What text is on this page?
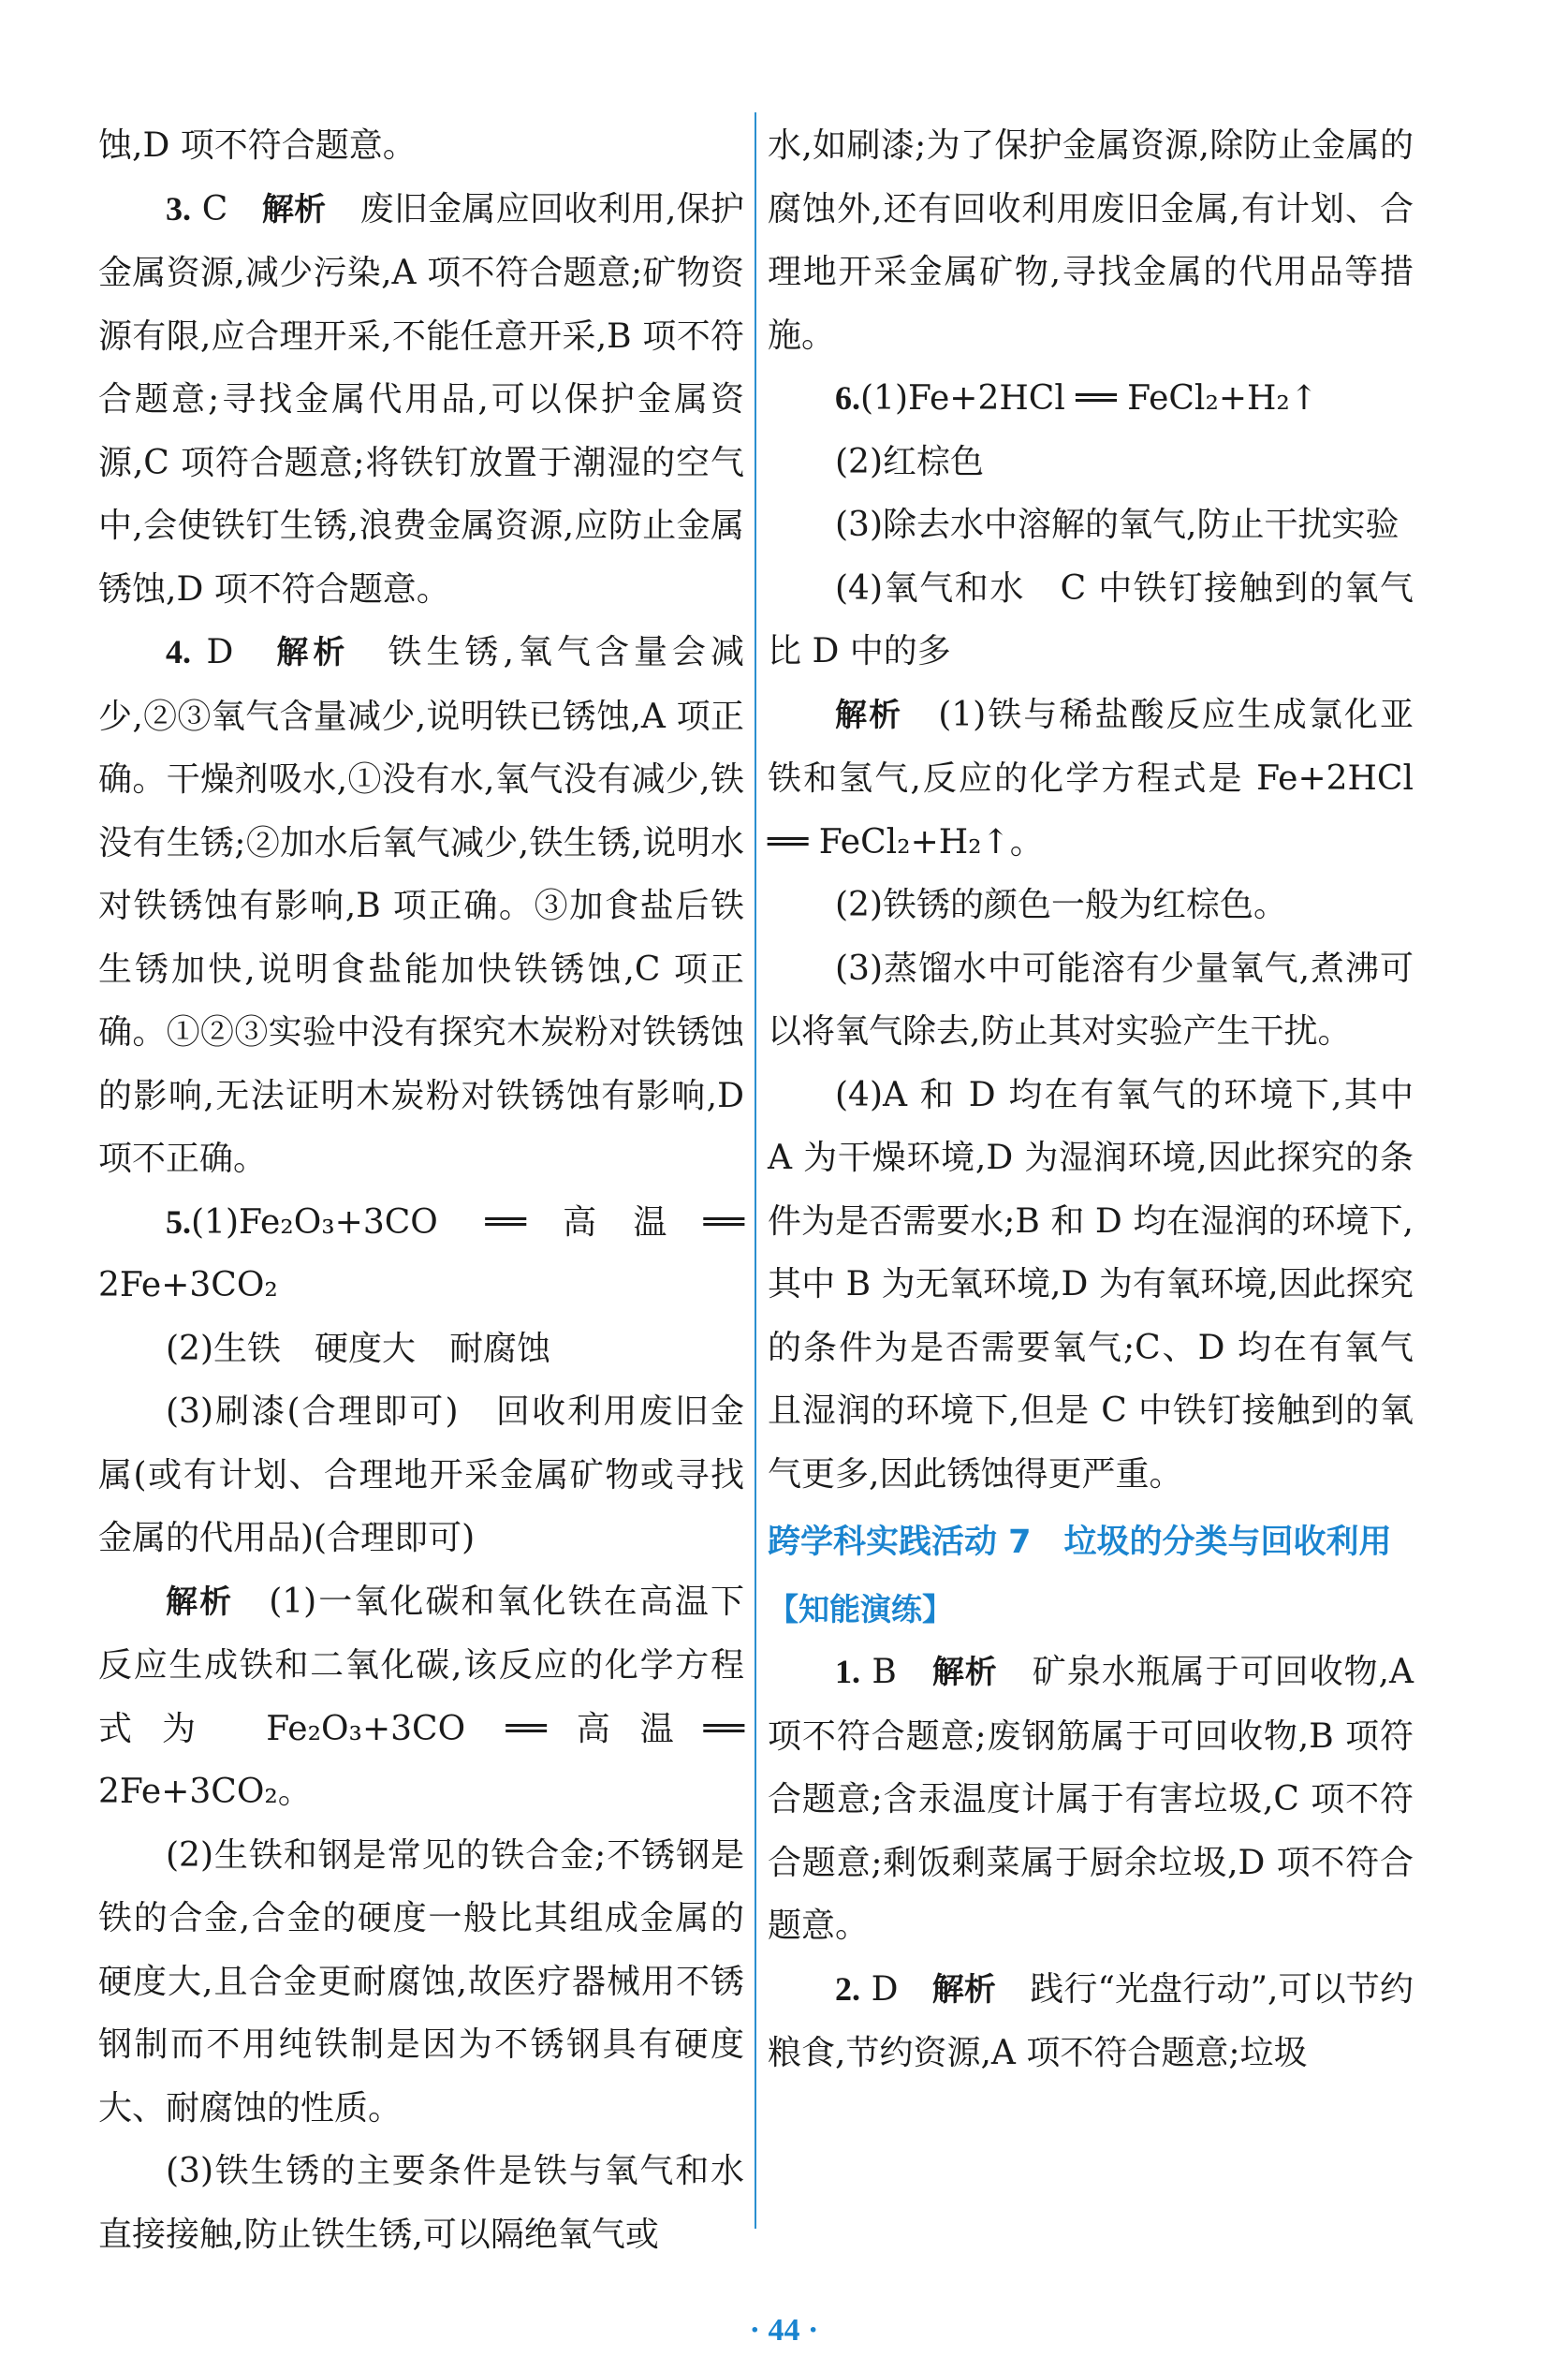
蚀,D 项不符合题意。

3. C　 解析　 废旧金属应回收利用,保护金属资源,减少污染,A 项不符合题意;矿物资源有限,应合理开采,不能任意开采,B 项不符合题意;寻找金属代用品,可以保护金属资源,C 项符合题意;将铁钉放置于潮湿的空气中,会使铁钉生锈,浪费金属资源,应防止金属锈蚀,D 项不符合题意。

4. D　 解析　 铁生锈,氧气含量会减少,②③氧气含量减少,说明铁已锈蚀,A 项正确。干燥剂吸水,①没有水,氧气没有减少,铁没有生锈;②加水后氧气减少,铁生锈,说明水对铁锈蚀有影响,B 项正确。③加食盐后铁生锈加快,说明食盐能加快铁锈蚀,C 项正确。①②③实验中没有探究木炭粉对铁锈蚀的影响,无法证明木炭粉对铁锈蚀有影响,D 项不正确。

5.(1)Fe₂O₃+3CO ══高温══ 2Fe+3CO₂

(2)生铁　硬度大　耐腐蚀

(3)刷漆(合理即可)　回收利用废旧金属(或有计划、合理地开采金属矿物或寻找金属的代用品)(合理即可)

解析　 (1)一氧化碳和氧化铁在高温下反应生成铁和二氧化碳,该反应的化学方程式为 Fe₂O₃+3CO ══高温══ 2Fe+3CO₂。

(2)生铁和钢是常见的铁合金;不锈钢是铁的合金,合金的硬度一般比其组成金属的硬度大,且合金更耐腐蚀,故医疗器械用不锈钢制而不用纯铁制是因为不锈钢具有硬度大、耐腐蚀的性质。

(3)铁生锈的主要条件是铁与氧气和水直接接触,防止铁生锈,可以隔绝氧气或

水,如刷漆;为了保护金属资源,除防止金属的腐蚀外,还有回收利用废旧金属,有计划、合理地开采金属矿物,寻找金属的代用品等措施。

6.(1)Fe+2HCl ══ FeCl₂+H₂↑

(2)红棕色

(3)除去水中溶解的氧气,防止干扰实验

(4)氧气和水　C 中铁钉接触到的氧气比 D 中的多

解析　 (1)铁与稀盐酸反应生成氯化亚铁和氢气,反应的化学方程式是 Fe+2HCl ══ FeCl₂+H₂↑。

(2)铁锈的颜色一般为红棕色。

(3)蒸馏水中可能溶有少量氧气,煮沸可以将氧气除去,防止其对实验产生干扰。

(4)A 和 D 均在有氧气的环境下,其中 A 为干燥环境,D 为湿润环境,因此探究的条件为是否需要水;B 和 D 均在湿润的环境下,其中 B 为无氧环境,D 为有氧环境,因此探究的条件为是否需要氧气;C、D 均在有氧气且湿润的环境下,但是 C 中铁钉接触到的氧气更多,因此锈蚀得更严重。

跨学科实践活动 7　垃圾的分类与回收利用

【知能演练】

1. B　 解析　 矿泉水瓶属于可回收物,A 项不符合题意;废钢筋属于可回收物,B 项符合题意;含汞温度计属于有害垃圾,C 项不符合题意;剩饭剩菜属于厨余垃圾,D 项不符合题意。

2. D　 解析　 践行“光盘行动”,可以节约粮食,节约资源,A 项不符合题意;垃圾

· 44 ·
